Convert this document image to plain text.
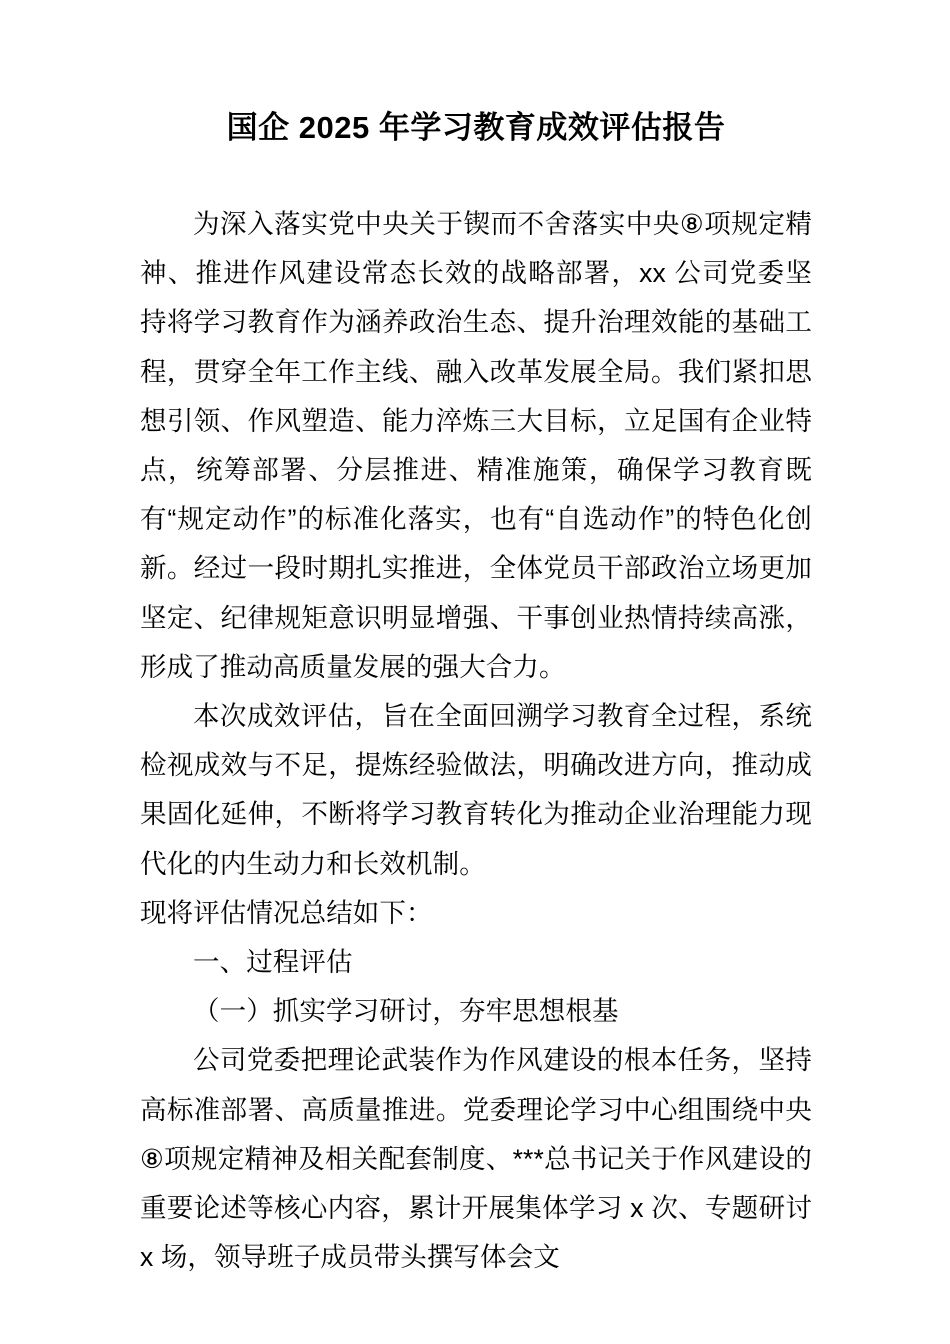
国企 2025 年学习教育成效评估报告

为深入落实党中央关于锲而不舍落实中央⑧项规定精神、推进作风建设常态长效的战略部署，xx 公司党委坚持将学习教育作为涵养政治生态、提升治理效能的基础工程，贯穿全年工作主线、融入改革发展全局。我们紧扣思想引领、作风塑造、能力淬炼三大目标，立足国有企业特点，统筹部署、分层推进、精准施策，确保学习教育既有“规定动作”的标准化落实，也有“自选动作”的特色化创新。经过一段时期扎实推进，全体党员干部政治立场更加坚定、纪律规矩意识明显增强、干事创业热情持续高涨，形成了推动高质量发展的强大合力。

本次成效评估，旨在全面回溯学习教育全过程，系统检视成效与不足，提炼经验做法，明确改进方向，推动成果固化延伸，不断将学习教育转化为推动企业治理能力现代化的内生动力和长效机制。

现将评估情况总结如下：

一、过程评估

（一）抓实学习研讨，夯牢思想根基

公司党委把理论武装作为作风建设的根本任务，坚持高标准部署、高质量推进。党委理论学习中心组围绕中央⑧项规定精神及相关配套制度、***总书记关于作风建设的重要论述等核心内容，累计开展集体学习 x 次、专题研讨 x 场，领导班子成员带头撰写体会文
